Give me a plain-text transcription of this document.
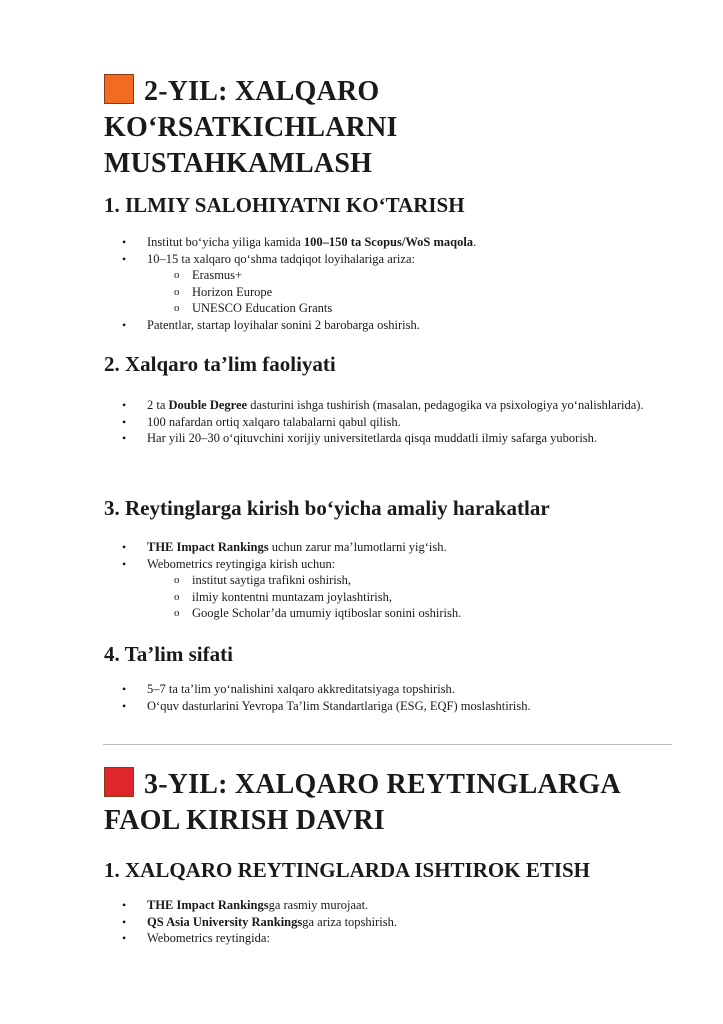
2-YIL: XALQARO
KO‘RSATKICHLARNI
MUSTAHKAMLASH
1. ILMIY SALOHIYATNI KO‘TARISH
• Institut bo‘yicha yiliga kamida 100–150 ta Scopus/WoS maqola.
• 10–15 ta xalqaro qo‘shma tadqiqot loyihalariga ariza:
o Erasmus+
o Horizon Europe
o UNESCO Education Grants
• Patentlar, startap loyihalar sonini 2 barobarga oshirish.
2. Xalqaro ta’lim faoliyati
• 2 ta Double Degree dasturini ishga tushirish (masalan, pedagogika va psixologiya yo‘nalishlarida).
• 100 nafardan ortiq xalqaro talabalarni qabul qilish.
• Har yili 20–30 o‘qituvchini xorijiy universitetlarda qisqa muddatli ilmiy safarga yuborish.
3. Reytinglarga kirish bo‘yicha amaliy harakatlar
• THE Impact Rankings uchun zarur ma’lumotlarni yig‘ish.
• Webometrics reytingiga kirish uchun:
o institut saytiga trafikni oshirish,
o ilmiy kontentni muntazam joylashtirish,
o Google Scholar’da umumiy iqtiboslar sonini oshirish.
4. Ta’lim sifati
• 5–7 ta ta’lim yo‘nalishini xalqaro akkreditatsiyaga topshirish.
• O‘quv dasturlarini Yevropa Ta’lim Standartlariga (ESG, EQF) moslashtirish.
3-YIL: XALQARO REYTINGLARGA
FAOL KIRISH DAVRI
1. XALQARO REYTINGLARDA ISHTIROK ETISH
• THE Impact Rankingsga rasmiy murojaat.
• QS Asia University Rankingsga ariza topshirish.
• Webometrics reytingida:
